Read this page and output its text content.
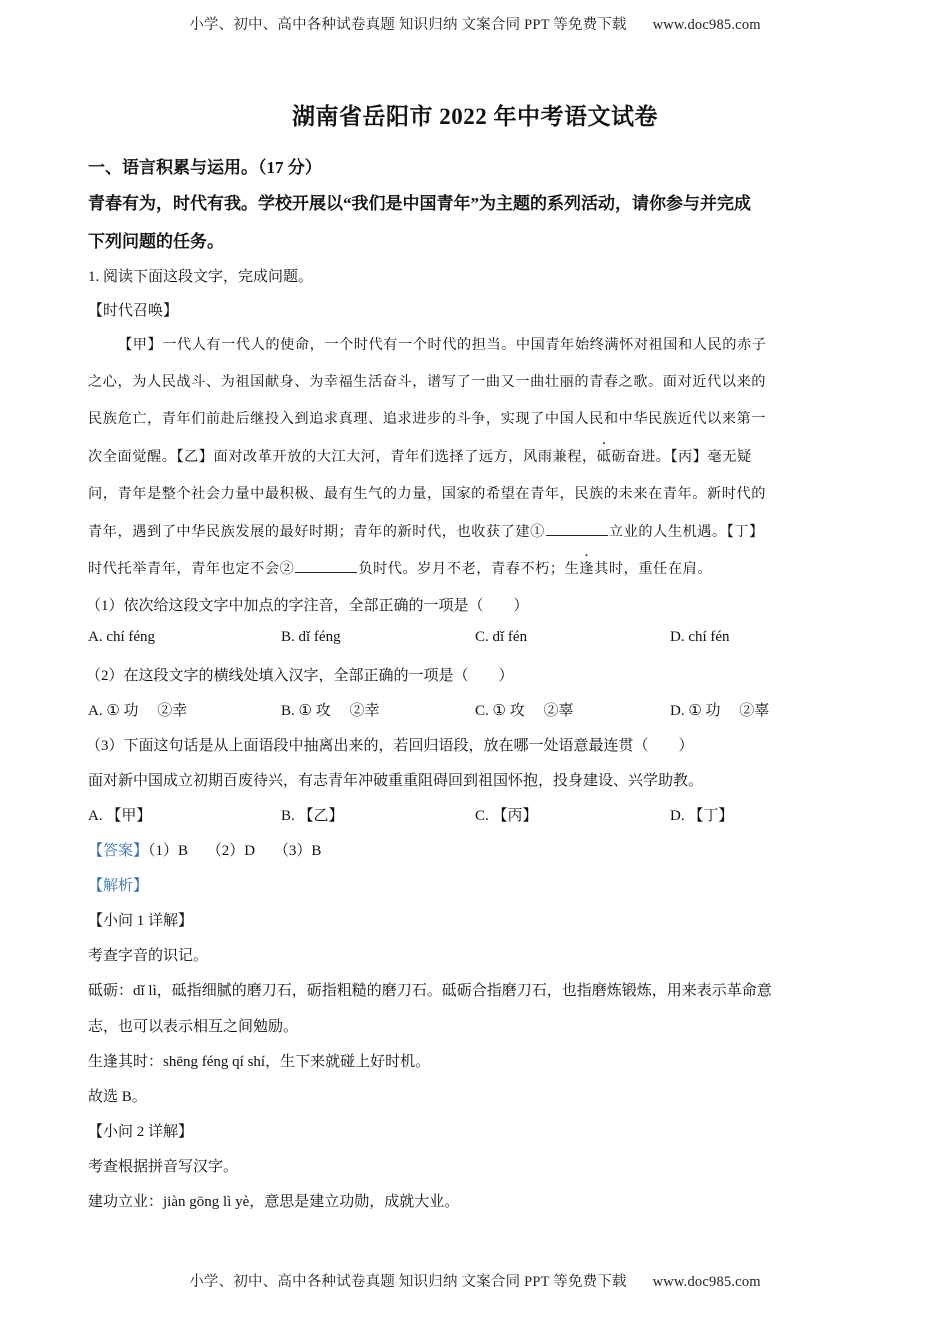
小学、初中、高中各种试卷真题 知识归纳 文案合同 PPT 等免费下载 www.doc985.com
湖南省岳阳市 2022 年中考语文试卷
一、语言积累与运用。（17 分）
青春有为，时代有我。学校开展以“我们是中国青年”为主题的系列活动，请你参与并完成
下列问题的任务。
1. 阅读下面这段文字，完成问题。
【时代召唤】
【甲】一代人有一代人的使命，一个时代有一个时代的担当。中国青年始终满怀对祖国和人民的赤子
之心，为人民战斗、为祖国献身、为幸福生活奋斗，谱写了一曲又一曲壮丽的青春之歌。面对近代以来的
民族危亡，青年们前赴后继投入到追求真理、追求进步的斗争，实现了中国人民和中华民族近代以来第一
次全面觉醒。【乙】面对改革开放的大江大河，青年们选择了远方，风雨兼程，砥砺奋进。【丙】毫无疑
问，青年是整个社会力量中最积极、最有生气的力量，国家的希望在青年，民族的未来在青年。新时代的
青年，遇到了中华民族发展的最好时期；青年的新时代，也收获了建①	立业的人生机遇。【丁】
时代托举青年，青年也定不会②	负时代。岁月不老，青春不朽；生逢其时，重任在肩。
（1）依次给这段文字中加点的字注音，全部正确的一项是（　　）
A. chí féng	B. dǐ féng	C. dǐ fén	D. chí fén
（2）在这段文字的横线处填入汉字，全部正确的一项是（　　）
A. ① 功　 ②幸	B. ① 攻　 ②幸	C. ① 攻　 ②辜	D. ① 功　 ②辜
（3）下面这句话是从上面语段中抽离出来的，若回归语段，放在哪一处语意最连贯（　　）
面对新中国成立初期百废待兴，有志青年冲破重重阻碍回到祖国怀抱，投身建设、兴学助教。
A. 【甲】	B. 【乙】	C. 【丙】	D. 【丁】
【答案】（1）B　 （2）D　 （3）B
【解析】
【小问 1 详解】
考查字音的识记。
砥砺：dǐ lì，砥指细腻的磨刀石，砺指粗糙的磨刀石。砥砺合指磨刀石，也指磨炼锻炼，用来表示革命意
志，也可以表示相互之间勉励。
生逢其时：shēng féng qí shí，生下来就碰上好时机。
故选 B。
【小问 2 详解】
考查根据拼音写汉字。
建功立业：jiàn gōng lì yè，意思是建立功勋，成就大业。
小学、初中、高中各种试卷真题 知识归纳 文案合同 PPT 等免费下载 www.doc985.com
